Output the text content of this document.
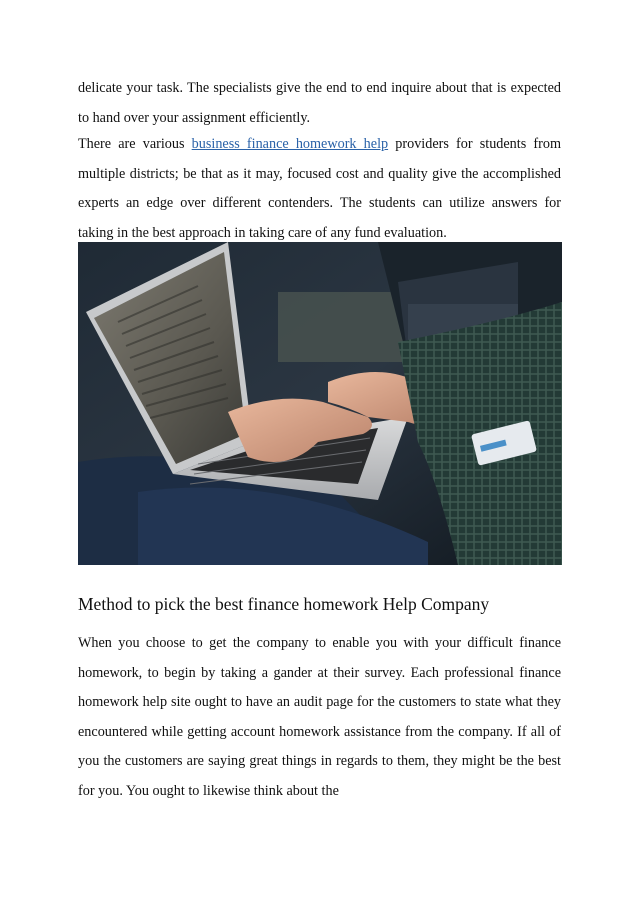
delicate your task. The specialists give the end to end inquire about that is expected to hand over your assignment efficiently.

There are various business finance homework help providers for students from multiple districts; be that as it may, focused cost and quality give the accomplished experts an edge over different contenders. The students can utilize answers for taking in the best approach in taking care of any fund evaluation.

Method to pick the best finance homework Help Company

When you choose to get the company to enable you with your difficult finance homework, to begin by taking a gander at their survey. Each professional finance homework help site ought to have an audit page for the customers to state what they encountered while getting account homework assistance from the company. If all of you the customers are saying great things in regards to them, they might be the best for you. You ought to likewise think about the
